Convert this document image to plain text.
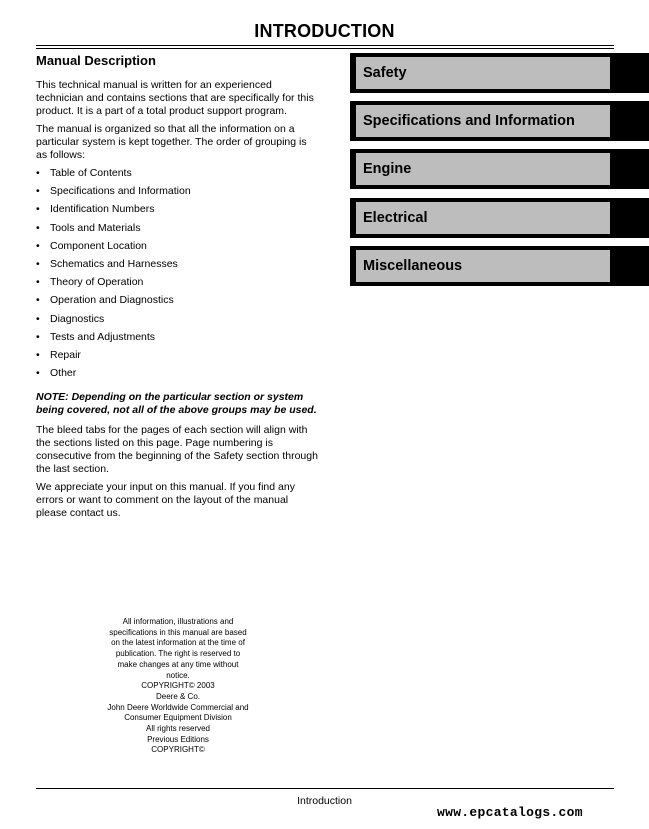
INTRODUCTION
Manual Description

This technical manual is written for an experienced technician and contains sections that are specifically for this product. It is a part of a total product support program.

The manual is organized so that all the information on a particular system is kept together. The order of grouping is as follows:

• Table of Contents
• Specifications and Information
• Identification Numbers
• Tools and Materials
• Component Location
• Schematics and Harnesses
• Theory of Operation
• Operation and Diagnostics
• Diagnostics
• Tests and Adjustments
• Repair
• Other

NOTE: Depending on the particular section or system being covered, not all of the above groups may be used.

The bleed tabs for the pages of each section will align with the sections listed on this page. Page numbering is consecutive from the beginning of the Safety section through the last section.

We appreciate your input on this manual. If you find any errors or want to comment on the layout of the manual please contact us.

Safety
Specifications and Information
Engine
Electrical
Miscellaneous

All information, illustrations and

specifications in this manual are based

on the latest information at the time of

publication. The right is reserved to

make changes at any time without

notice.

COPYRIGHT© 2003

Deere & Co.

John Deere Worldwide Commercial and

Consumer Equipment Division

All rights reserved

Previous Editions

COPYRIGHT©

Introduction
www.epcatalogs.com
